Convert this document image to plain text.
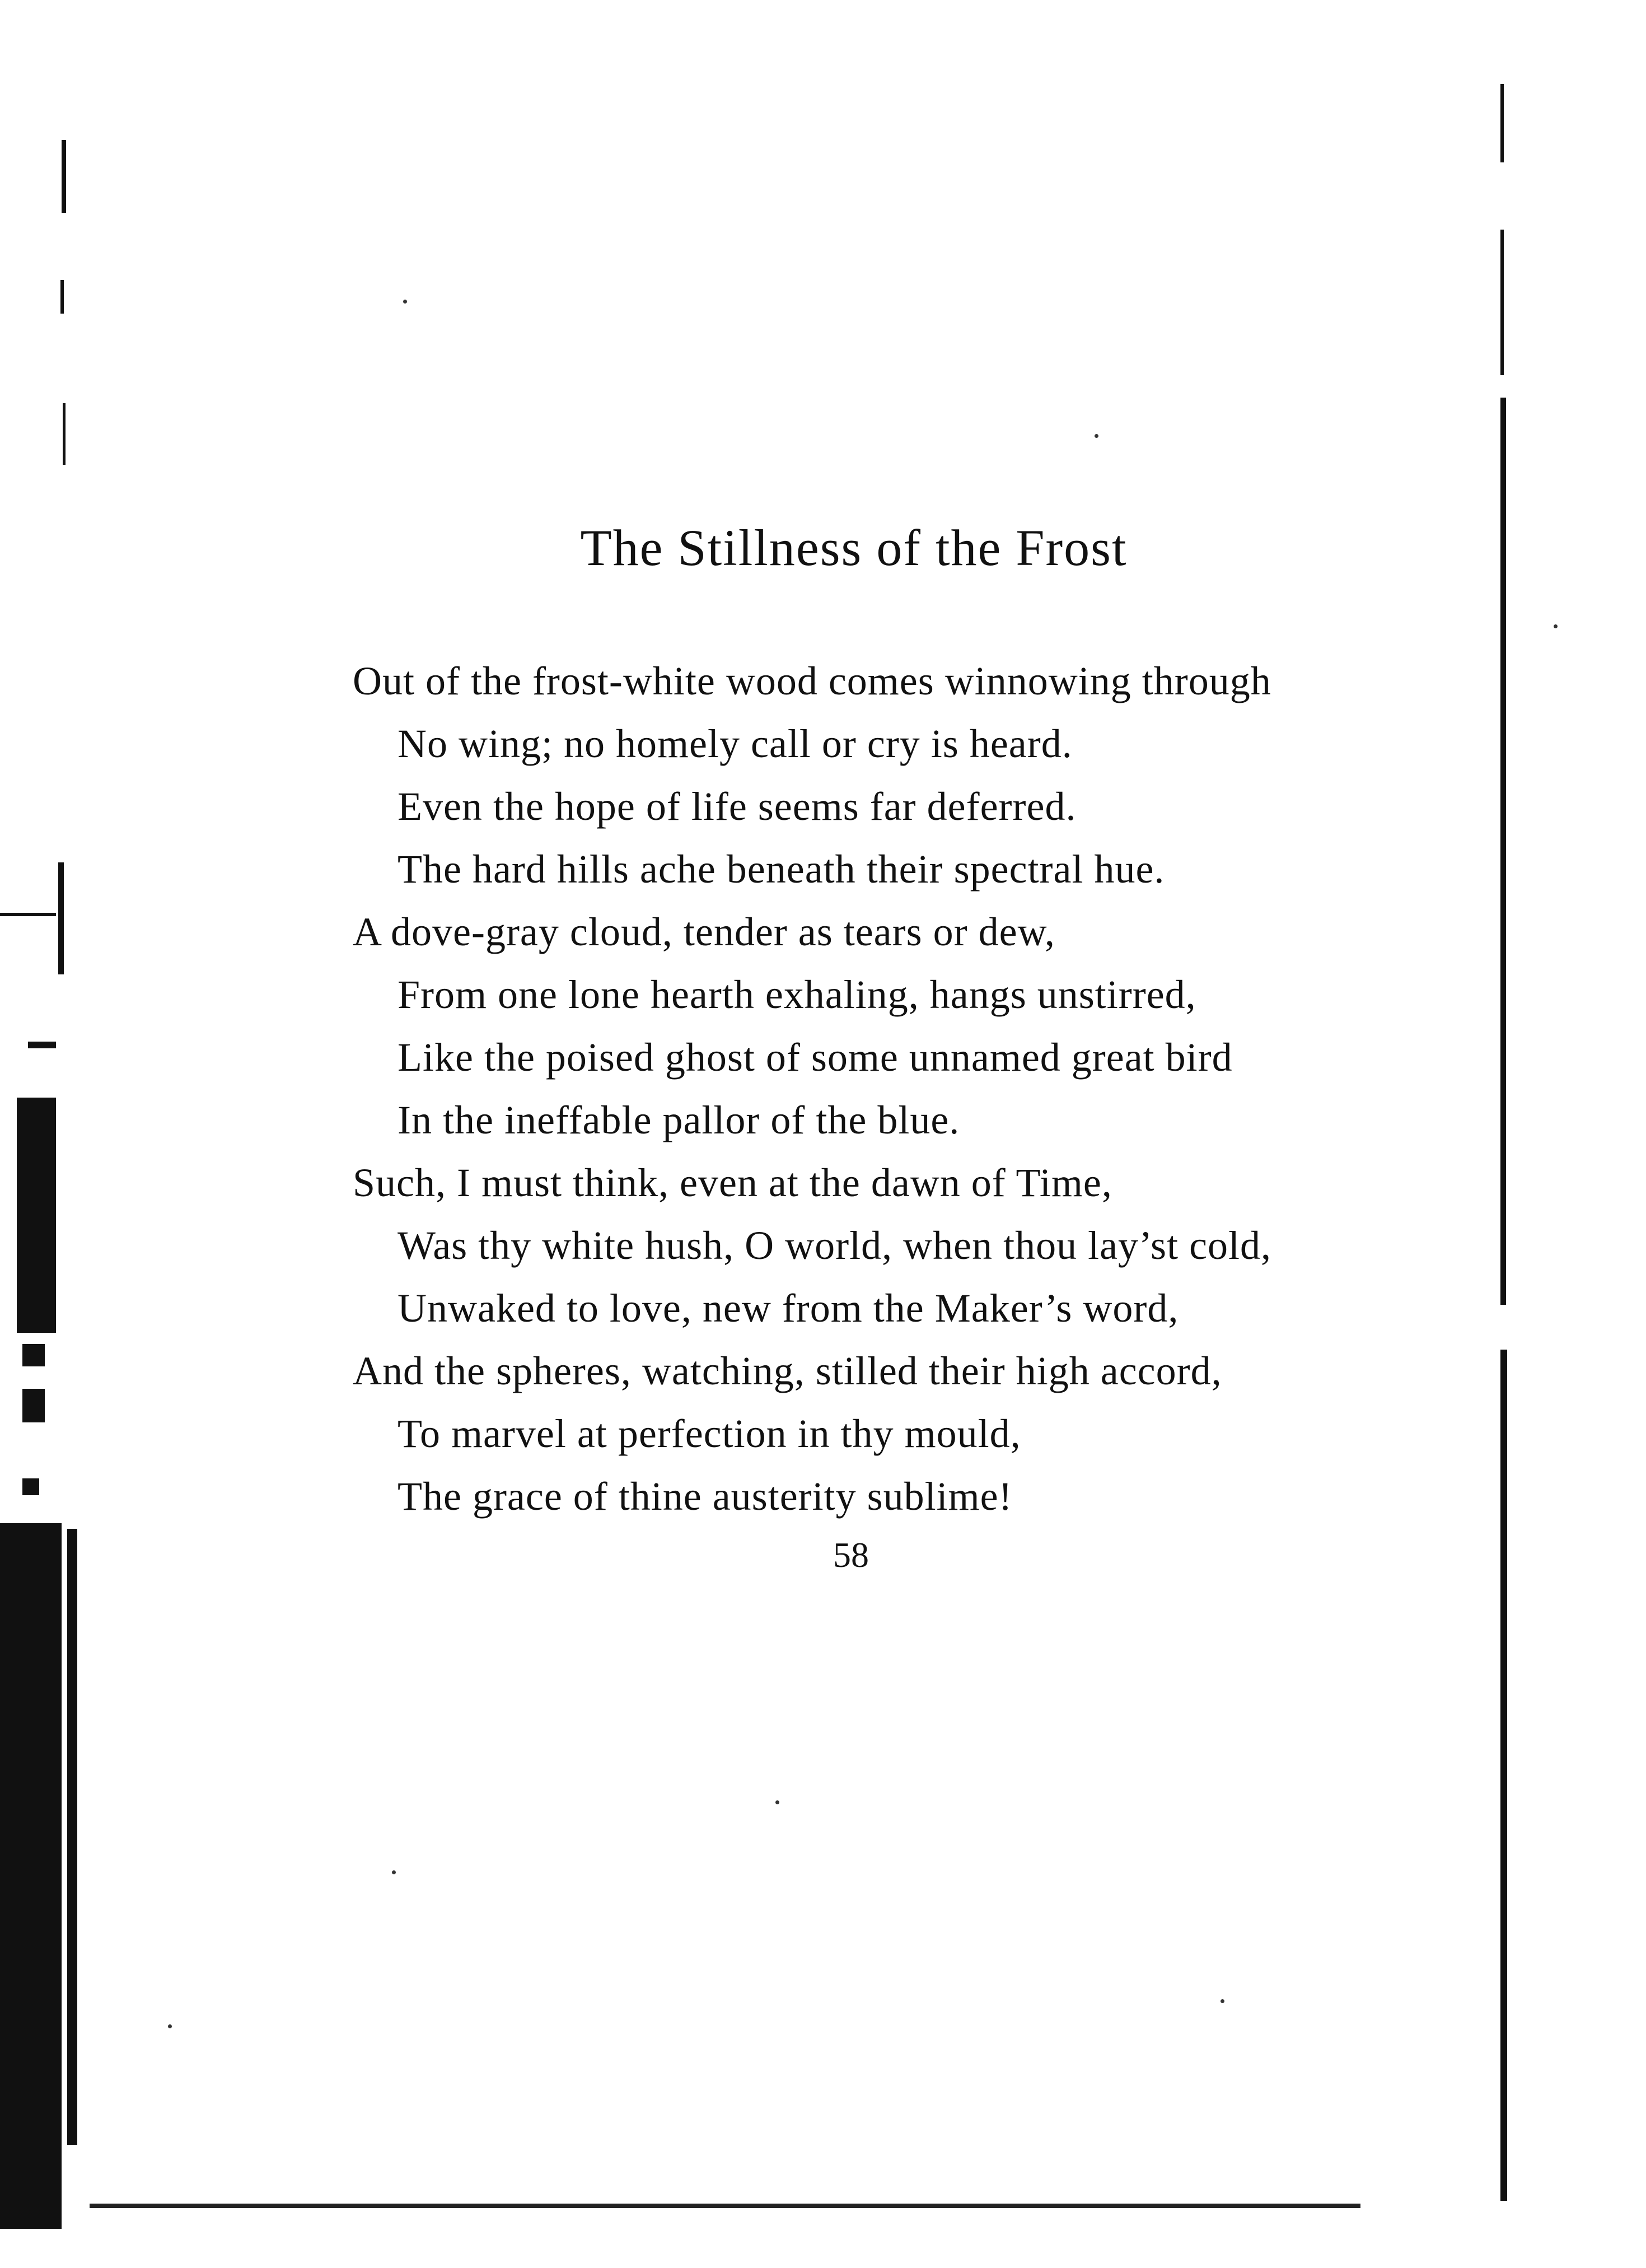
The Stillness of the Frost
Out of the frost-white wood comes winnowing through
No wing; no homely call or cry is heard.
Even the hope of life seems far deferred.
The hard hills ache beneath their spectral hue.
A dove-gray cloud, tender as tears or dew,
From one lone hearth exhaling, hangs unstirred,
Like the poised ghost of some unnamed great bird
In the ineffable pallor of the blue.
Such, I must think, even at the dawn of Time,
Was thy white hush, O world, when thou lay’st cold,
Unwaked to love, new from the Maker’s word,
And the spheres, watching, stilled their high accord,
To marvel at perfection in thy mould,
The grace of thine austerity sublime!

58
